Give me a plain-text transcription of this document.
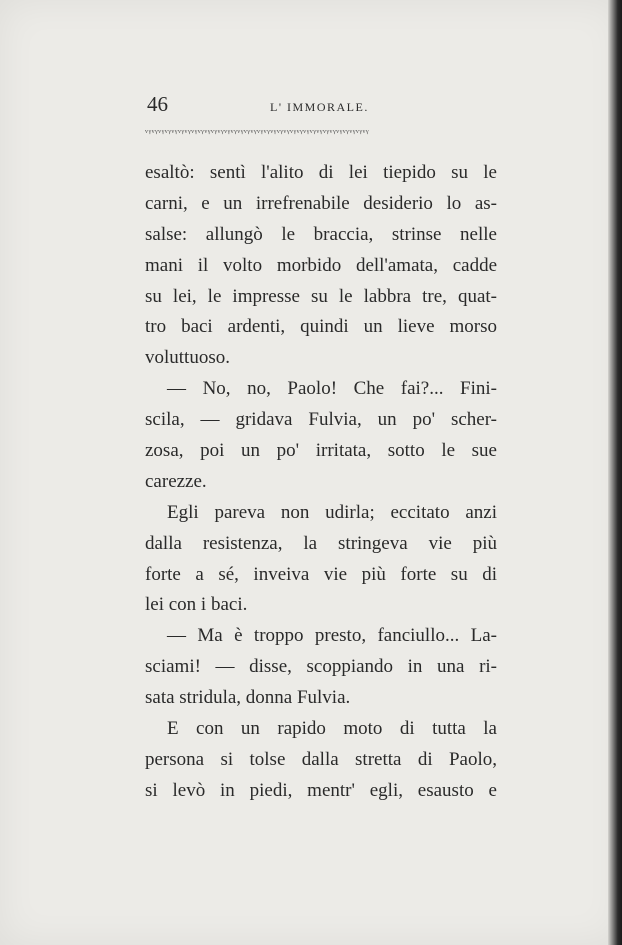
46	L' IMMORALE.
ᵥᵧᵥᵧᵥᵧᵥᵧᵥᵧᵥᵧᵥᵧᵥᵧᵥᵧᵥᵧᵥᵧᵥᵧᵥᵧᵥᵧᵥᵧᵥᵧᵥᵧᵥᵧᵥᵧᵥᵧᵥᵧᵥᵧᵥᵧᵥᵧᵥᵧᵥᵧᵥᵧᵥᵧᵥᵧᵥᵧᵥᵧᵥᵧᵥᵧᵥᵧ
esaltò: sentì l'alito di lei tiepido su le
carni, e un irrefrenabile desiderio lo as-
salse: allungò le braccia, strinse nelle
mani il volto morbido dell'amata, cadde
su lei, le impresse su le labbra tre, quat-
tro baci ardenti, quindi un lieve morso
voluttuoso.
— No, no, Paolo! Che fai?... Fini-
scila, — gridava Fulvia, un po' scher-
zosa, poi un po' irritata, sotto le sue
carezze.
Egli pareva non udirla; eccitato anzi
dalla resistenza, la stringeva vie più
forte a sé, inveiva vie più forte su di
lei con i baci.
— Ma è troppo presto, fanciullo... La-
sciami! — disse, scoppiando in una ri-
sata stridula, donna Fulvia.
E con un rapido moto di tutta la
persona si tolse dalla stretta di Paolo,
si levò in piedi, mentr' egli, esausto e
